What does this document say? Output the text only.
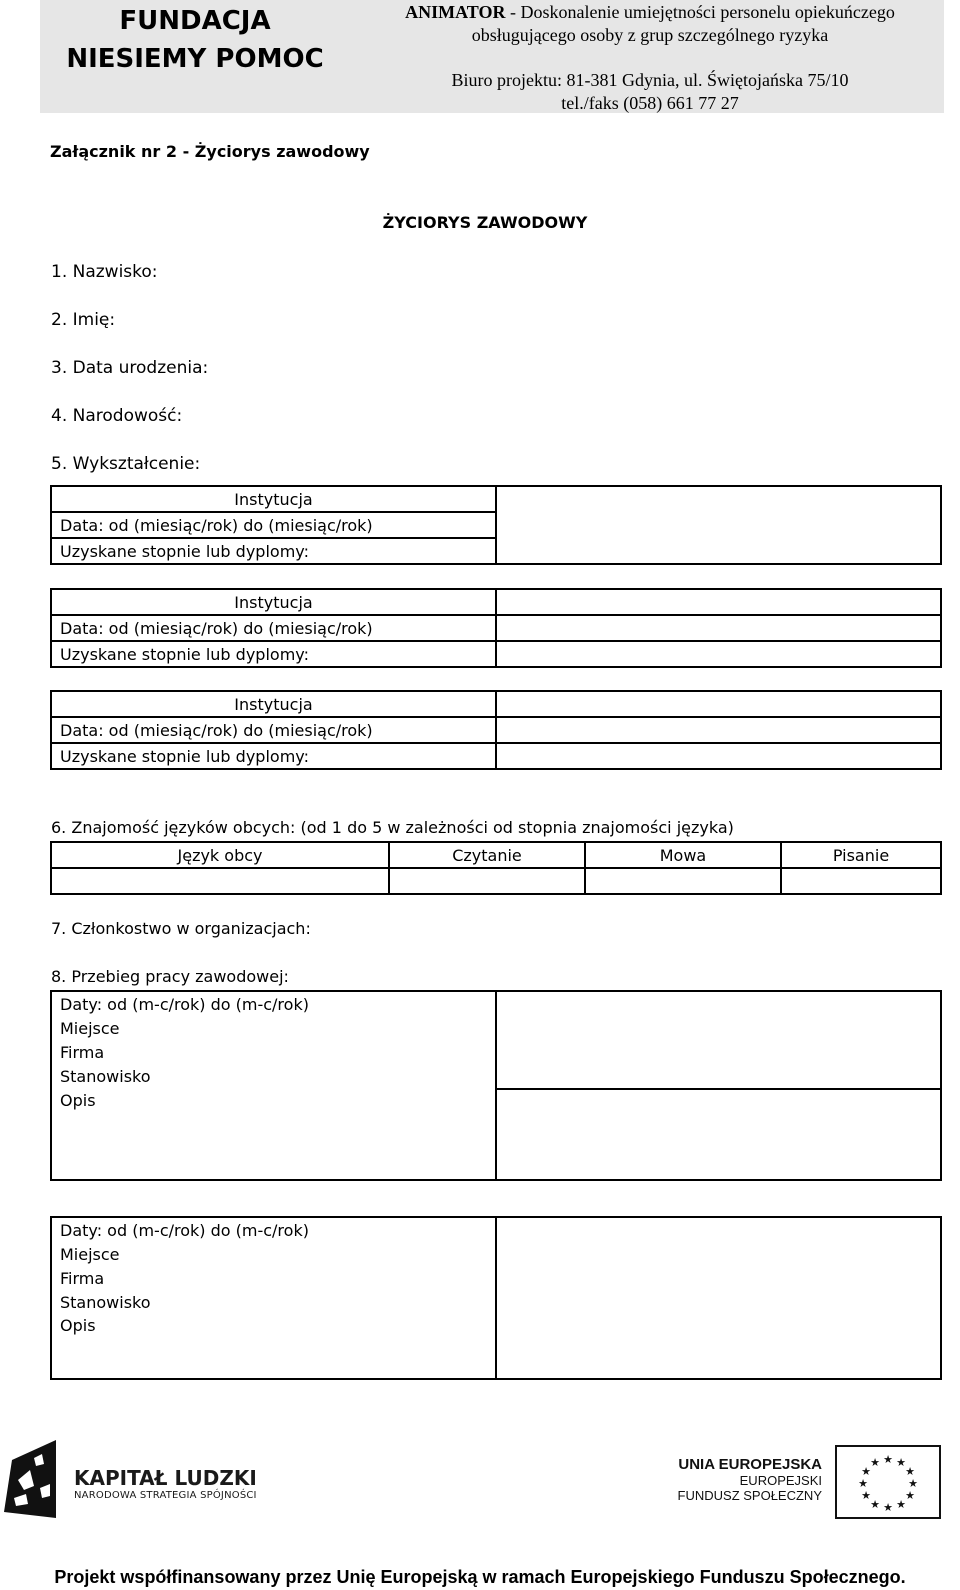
FUNDACJA
NIESIEMY POMOC
ANIMATOR - Doskonalenie umiejętności personelu opiekuńczego
obsługującego osoby z grup szczególnego ryzyka
Biuro projektu: 81-381 Gdynia, ul. Świętojańska 75/10
tel./faks (058) 661 77 27
Załącznik nr 2 - Życiorys zawodowy
ŻYCIORYS ZAWODOWY
1. Nazwisko:
2. Imię:
3. Data urodzenia:
4. Narodowość:
5. Wykształcenie:
Instytucja	
Data: od (miesiąc/rok) do (miesiąc/rok)
Uzyskane stopnie lub dyplomy:
Instytucja	
Data: od (miesiąc/rok) do (miesiąc/rok)	
Uzyskane stopnie lub dyplomy:	
Instytucja	
Data: od (miesiąc/rok) do (miesiąc/rok)	
Uzyskane stopnie lub dyplomy:	
6. Znajomość języków obcych: (od 1 do 5 w zależności od stopnia znajomości języka)
Język obcy	Czytanie	Mowa	Pisanie

7. Członkostwo w organizacjach:
8. Przebieg pracy zawodowej:
Daty: od (m-c/rok) do (m-c/rok)	
Miejsce	
Firma	
Stanowisko	
Opis	
Daty: od (m-c/rok) do (m-c/rok)	
Miejsce	
Firma	
Stanowisko	
Opis	
KAPITAŁ LUDZKI
NARODOWA STRATEGIA SPÓJNOŚCI
UNIA EUROPEJSKA
EUROPEJSKI
FUNDUSZ SPOŁECZNY
★ ★
★
★
★
★
★
★
★
★
★
★
Projekt współfinansowany przez Unię Europejską w ramach Europejskiego Funduszu Społecznego.
